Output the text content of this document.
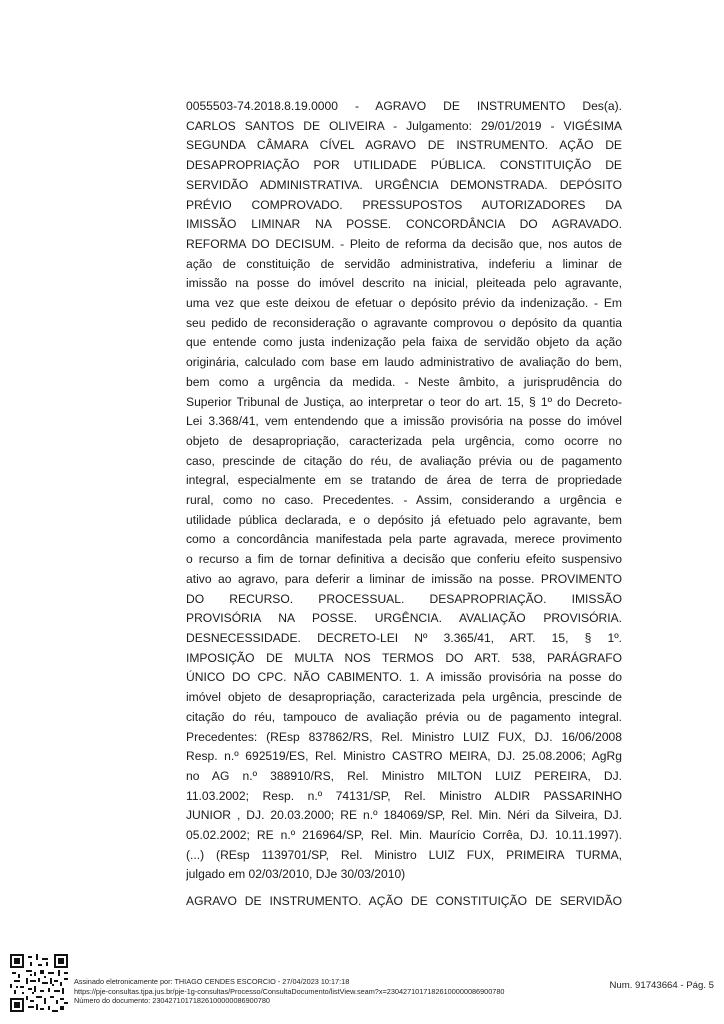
0055503-74.2018.8.19.0000 - AGRAVO DE INSTRUMENTO Des(a).
CARLOS SANTOS DE OLIVEIRA - Julgamento: 29/01/2019 - VIGÉSIMA
SEGUNDA CÂMARA CÍVEL AGRAVO DE INSTRUMENTO. AÇÃO DE
DESAPROPRIAÇÃO POR UTILIDADE PÚBLICA. CONSTITUIÇÃO DE
SERVIDÃO ADMINISTRATIVA. URGÊNCIA DEMONSTRADA. DEPÓSITO
PRÉVIO COMPROVADO. PRESSUPOSTOS AUTORIZADORES DA
IMISSÃO LIMINAR NA POSSE. CONCORDÂNCIA DO AGRAVADO.
REFORMA DO DECISUM. - Pleito de reforma da decisão que, nos autos de
ação de constituição de servidão administrativa, indeferiu a liminar de
imissão na posse do imóvel descrito na inicial, pleiteada pelo agravante,
uma vez que este deixou de efetuar o depósito prévio da indenização. - Em
seu pedido de reconsideração o agravante comprovou o depósito da quantia
que entende como justa indenização pela faixa de servidão objeto da ação
originária, calculado com base em laudo administrativo de avaliação do bem,
bem como a urgência da medida. - Neste âmbito, a jurisprudência do
Superior Tribunal de Justiça, ao interpretar o teor do art. 15, § 1º do Decreto-
Lei 3.368/41, vem entendendo que a imissão provisória na posse do imóvel
objeto de desapropriação, caracterizada pela urgência, como ocorre no
caso, prescinde de citação do réu, de avaliação prévia ou de pagamento
integral, especialmente em se tratando de área de terra de propriedade
rural, como no caso. Precedentes. - Assim, considerando a urgência e
utilidade pública declarada, e o depósito já efetuado pelo agravante, bem
como a concordância manifestada pela parte agravada, merece provimento
o recurso a fim de tornar definitiva a decisão que conferiu efeito suspensivo
ativo ao agravo, para deferir a liminar de imissão na posse. PROVIMENTO
DO RECURSO. PROCESSUAL. DESAPROPRIAÇÃO. IMISSÃO
PROVISÓRIA NA POSSE. URGÊNCIA. AVALIAÇÃO PROVISÓRIA.
DESNECESSIDADE. DECRETO-LEI Nº 3.365/41, ART. 15, § 1º.
IMPOSIÇÃO DE MULTA NOS TERMOS DO ART. 538, PARÁGRAFO
ÚNICO DO CPC. NÃO CABIMENTO. 1. A imissão provisória na posse do
imóvel objeto de desapropriação, caracterizada pela urgência, prescinde de
citação do réu, tampouco de avaliação prévia ou de pagamento integral.
Precedentes: (REsp 837862/RS, Rel. Ministro LUIZ FUX, DJ. 16/06/2008
Resp. n.º 692519/ES, Rel. Ministro CASTRO MEIRA, DJ. 25.08.2006; AgRg
no AG n.º 388910/RS, Rel. Ministro MILTON LUIZ PEREIRA, DJ.
11.03.2002; Resp. n.º 74131/SP, Rel. Ministro ALDIR PASSARINHO
JUNIOR , DJ. 20.03.2000; RE n.º 184069/SP, Rel. Min. Néri da Silveira, DJ.
05.02.2002; RE n.º 216964/SP, Rel. Min. Maurício Corrêa, DJ. 10.11.1997).
(...) (REsp 1139701/SP, Rel. Ministro LUIZ FUX, PRIMEIRA TURMA,
julgado em 02/03/2010, DJe 30/03/2010)
AGRAVO DE INSTRUMENTO. AÇÃO DE CONSTITUIÇÃO DE SERVIDÃO
Assinado eletronicamente por: THIAGO CENDES ESCORCIO - 27/04/2023 10:17:18
https://pje-consultas.tjpa.jus.br/pje-1g-consultas/Processo/ConsultaDocumento/listView.seam?x=23042710171826100000086900780
Número do documento: 23042710171826100000086900780
Num. 91743664 - Pág. 5
